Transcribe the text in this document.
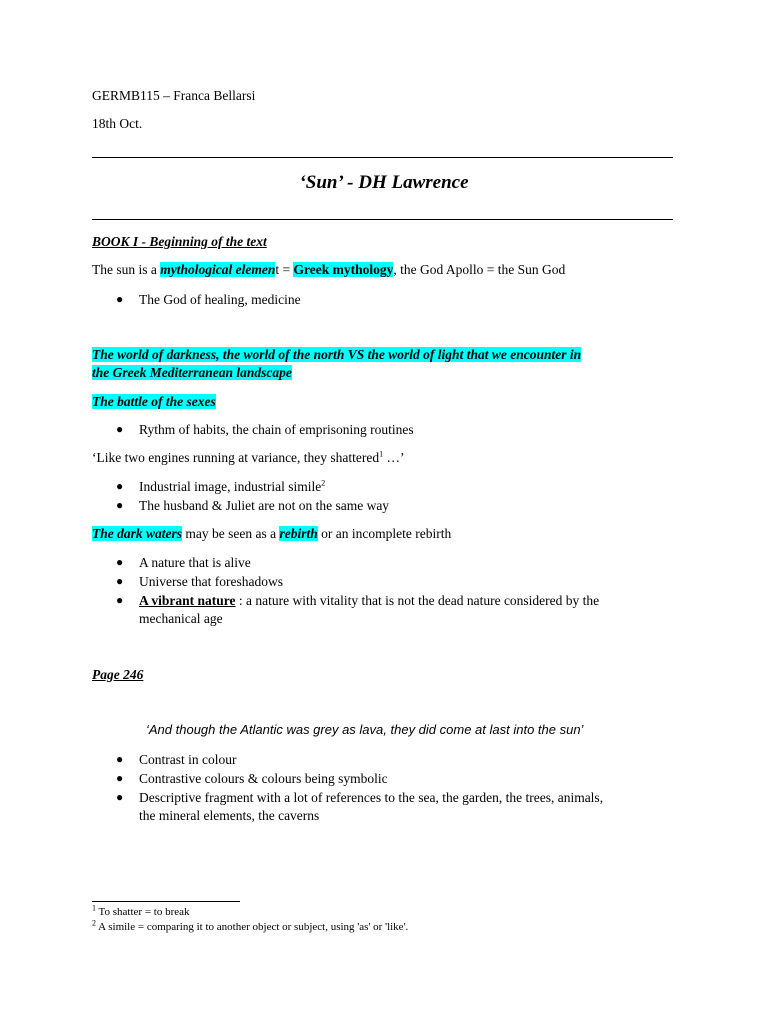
GERMB115 – Franca Bellarsi
18th Oct.
‘Sun’ - DH Lawrence
BOOK I - Beginning of the text
The sun is a mythological element = Greek mythology, the God Apollo = the Sun God
● The God of healing, medicine
The world of darkness, the world of the north VS the world of light that we encounter in
the Greek Mediterranean landscape
The battle of the sexes
● Rythm of habits, the chain of emprisoning routines
‘Like two engines running at variance, they shattered$^1$ …’
● Industrial image, industrial simile$^2$
● The husband & Juliet are not on the same way
The dark waters may be seen as a rebirth or an incomplete rebirth
● A nature that is alive
● Universe that foreshadows
● A vibrant nature : a nature with vitality that is not the dead nature considered by the
mechanical age
Page 246
‘And though the Atlantic was grey as lava, they did come at last into the sun’
● Contrast in colour
● Contrastive colours & colours being symbolic
● Descriptive fragment with a lot of references to the sea, the garden, the trees, animals,
the mineral elements, the caverns
$^1$ To shatter = to break
$^2$ A simile = comparing it to another object or subject, using 'as' or 'like'.
